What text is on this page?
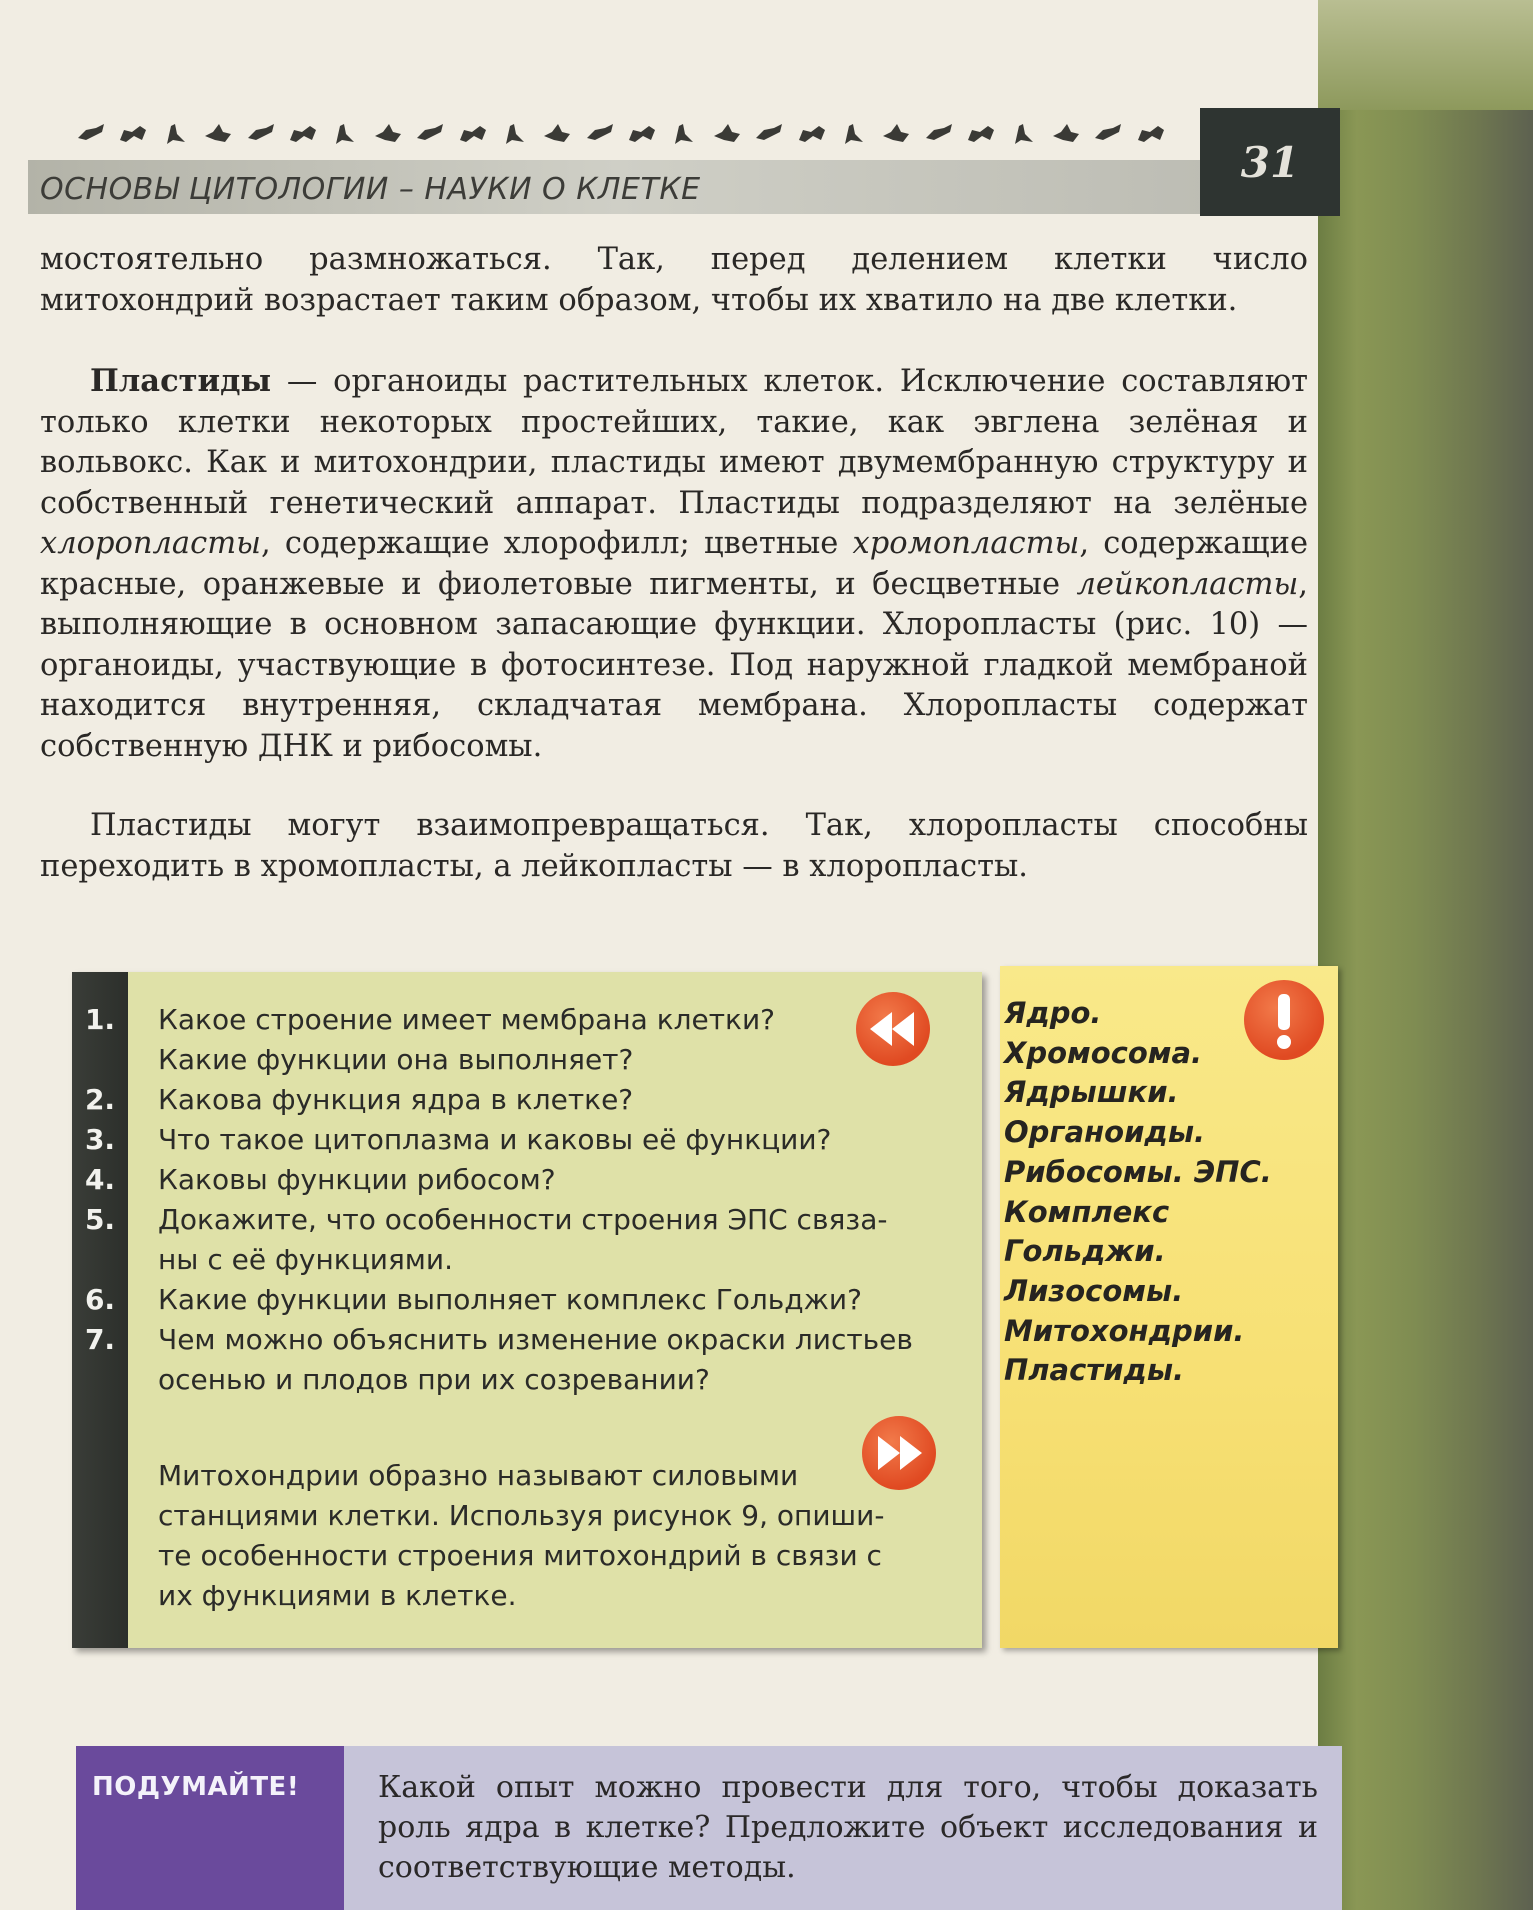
ОСНОВЫ ЦИТОЛОГИИ – НАУКИ О КЛЕТКЕ
31

мостоятельно размножаться. Так, перед делением клетки число митохондрий возрастает таким образом, чтобы их хватило на две клетки.

Пластиды — органоиды растительных клеток. Исключение составляют только клетки некоторых простейших, такие, как эвглена зелёная и вольвокс. Как и митохондрии, пластиды имеют двумембранную структуру и собственный генетический аппарат. Пластиды подразделяют на зелёные хлоропласты, содержащие хлорофилл; цветные хромопласты, содержащие красные, оранжевые и фиолетовые пигменты, и бесцветные лейкопласты, выполняющие в основном запасающие функции. Хлоропласты (рис. 10) — органоиды, участвующие в фотосинтезе. Под наружной гладкой мембраной находится внутренняя, складчатая мембрана. Хлоропласты содержат собственную ДНК и рибосомы.

Пластиды могут взаимопревращаться. Так, хлоропласты способны переходить в хромопласты, а лейкопласты — в хлоропласты.

1.	Какое строение имеет мембрана клетки?
Какие функции она выполняет?
2.	Какова функция ядра в клетке?
3.	Что такое цитоплазма и каковы её функции?
4.	Каковы функции рибосом?
5.	Докажите, что особенности строения ЭПС связа-
ны с её функциями.
6.	Какие функции выполняет комплекс Гольджи?
7.	Чем можно объяснить изменение окраски листьев
осенью и плодов при их созревании?
Митохондрии образно называют силовыми
станциями клетки. Используя рисунок 9, опиши-
те особенности строения митохондрий в связи с
их функциями в клетке.
Ядро.
Хромосома.
Ядрышки.
Органоиды.
Рибосомы. ЭПС.
Комплекс
Гольджи.
Лизосомы.
Митохондрии.
Пластиды.
ПОДУМАЙТЕ!	Какой опыт можно провести для того, чтобы доказать роль ядра в клетке? Предложите объект исследования и соответствующие методы.
